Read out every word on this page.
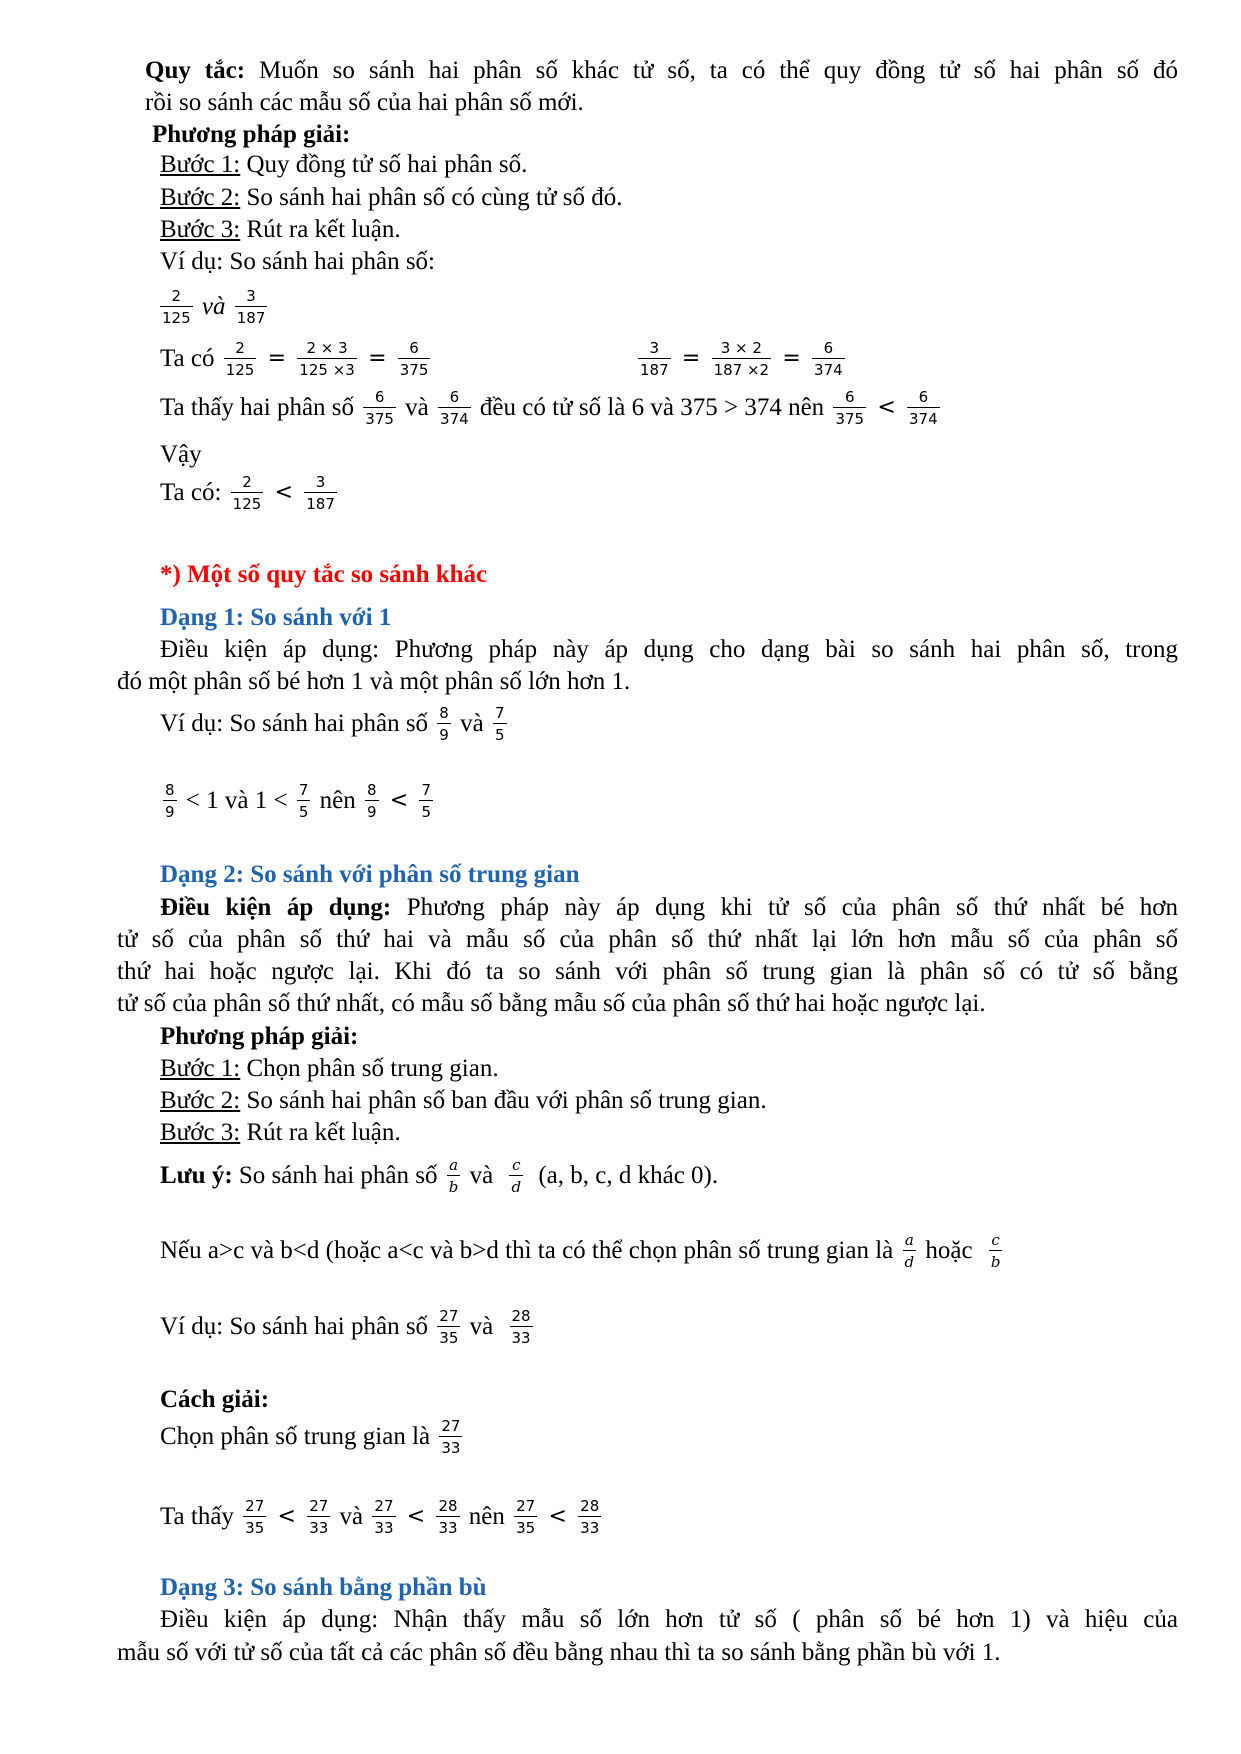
Quy tắc: Muốn so sánh hai phân số khác tử số, ta có thể quy đồng tử số hai phân số đó
rồi so sánh các mẫu số của hai phân số mới.
Phương pháp giải:
Bước 1: Quy đồng tử số hai phân số.
Bước 2: So sánh hai phân số có cùng tử số đó.
Bước 3: Rút ra kết luận.
Ví dụ: So sánh hai phân số:
$\frac{2}{125}$ và $\frac{3}{187}$
Ta có $\frac{2}{125} = \frac{2 \times 3}{125 \times 3} = \frac{6}{375}$	$\frac{3}{187} = \frac{3 \times 2}{187 \times 2} = \frac{6}{374}$
Ta thấy hai phân số $\frac{6}{375}$ và $\frac{6}{374}$ đều có tử số là 6 và 375 > 374 nên $\frac{6}{375} < \frac{6}{374}$
Vậy
Ta có: $\frac{2}{125} < \frac{3}{187}$
*) Một số quy tắc so sánh khác
Dạng 1: So sánh với 1
Điều kiện áp dụng: Phương pháp này áp dụng cho dạng bài so sánh hai phân số, trong
đó một phân số bé hơn 1 và một phân số lớn hơn 1.
Ví dụ: So sánh hai phân số $\frac{8}{9}$ và $\frac{7}{5}$
$\frac{8}{9} < 1$ và $1 < \frac{7}{5}$ nên $\frac{8}{9} < \frac{7}{5}$
Dạng 2: So sánh với phân số trung gian
Điều kiện áp dụng: Phương pháp này áp dụng khi tử số của phân số thứ nhất bé hơn
tử số của phân số thứ hai và mẫu số của phân số thứ nhất lại lớn hơn mẫu số của phân số
thứ hai hoặc ngược lại. Khi đó ta so sánh với phân số trung gian là phân số có tử số bằng
tử số của phân số thứ nhất, có mẫu số bằng mẫu số của phân số thứ hai hoặc ngược lại.
Phương pháp giải:
Bước 1: Chọn phân số trung gian.
Bước 2: So sánh hai phân số ban đầu với phân số trung gian.
Bước 3: Rút ra kết luận.
Lưu ý: So sánh hai phân số $\frac{a}{b}$ và $\frac{c}{d} (a$, b, c, d khác 0).
Nếu a>c và b<d (hoặc a<c và b>d thì ta có thể chọn phân số trung gian là $\frac{a}{d}$ hoặc $\frac{c}{b}$
Ví dụ: So sánh hai phân số $\frac{27}{35}$ và $\frac{28}{33}$
Cách giải:
Chọn phân số trung gian là $\frac{27}{33}$
Ta thấy $\frac{27}{35} < \frac{27}{33}$ và $\frac{27}{33} < \frac{28}{33}$ nên $\frac{27}{35} < \frac{28}{33}$
Dạng 3: So sánh bằng phần bù
Điều kiện áp dụng: Nhận thấy mẫu số lớn hơn tử số ( phân số bé hơn 1) và hiệu của
mẫu số với tử số của tất cả các phân số đều bằng nhau thì ta so sánh bằng phần bù với 1.
